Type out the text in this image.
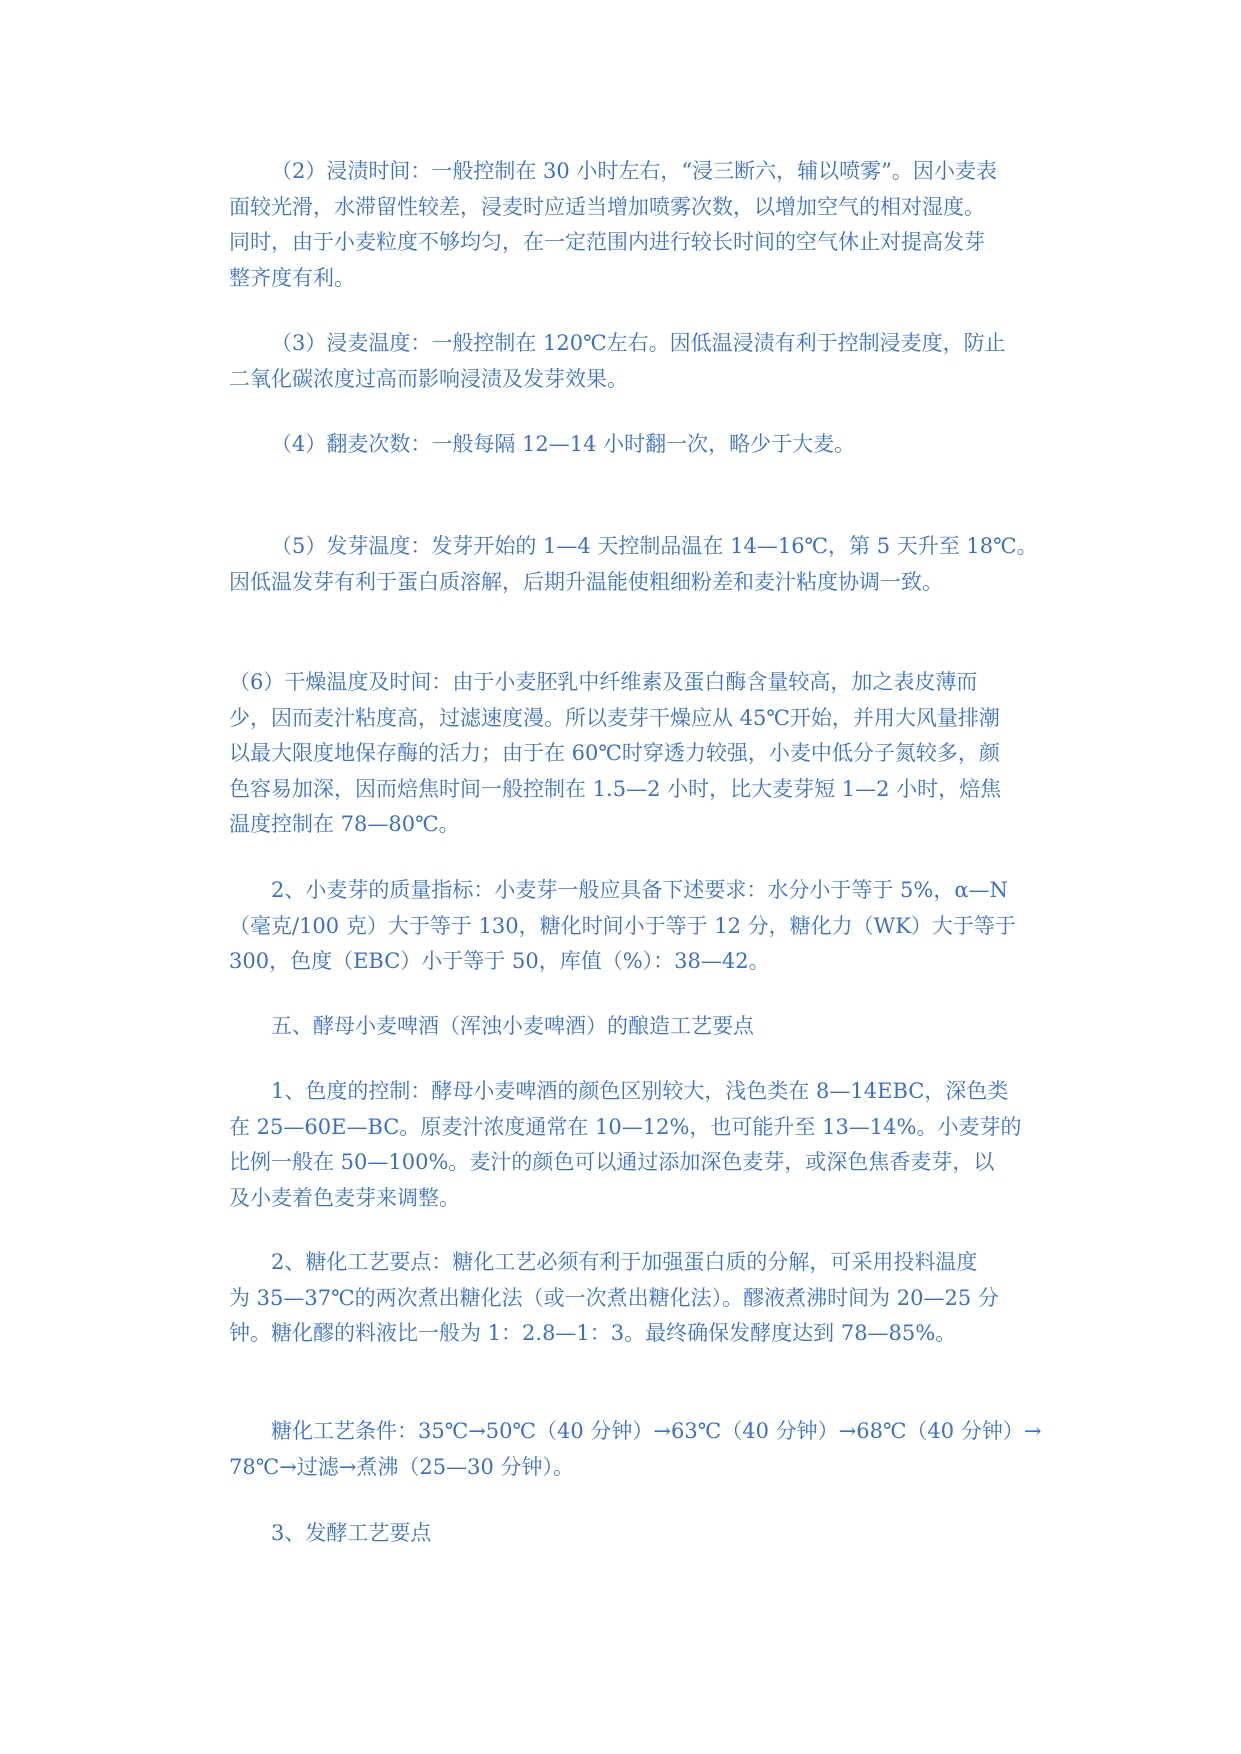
（2）浸渍时间：一般控制在 30 小时左右，“浸三断六，辅以喷雾”。因小麦表
面较光滑，水滞留性较差，浸麦时应适当增加喷雾次数，以增加空气的相对湿度。
同时，由于小麦粒度不够均匀，在一定范围内进行较长时间的空气休止对提高发芽
整齐度有利。
（3）浸麦温度：一般控制在 120℃左右。因低温浸渍有利于控制浸麦度，防止
二氧化碳浓度过高而影响浸渍及发芽效果。
（4）翻麦次数：一般每隔 12—14 小时翻一次，略少于大麦。
（5）发芽温度：发芽开始的 1—4 天控制品温在 14—16℃，第 5 天升至 18℃。
因低温发芽有利于蛋白质溶解，后期升温能使粗细粉差和麦汁粘度协调一致。
（6）干燥温度及时间：由于小麦胚乳中纤维素及蛋白酶含量较高，加之表皮薄而
少，因而麦汁粘度高，过滤速度漫。所以麦芽干燥应从 45℃开始，并用大风量排潮
以最大限度地保存酶的活力；由于在 60℃时穿透力较强，小麦中低分子氮较多，颜
色容易加深，因而焙焦时间一般控制在 1.5—2 小时，比大麦芽短 1—2 小时，焙焦
温度控制在 78—80℃。
2、小麦芽的质量指标：小麦芽一般应具备下述要求：水分小于等于 5%，α—N
（毫克/100 克）大于等于 130，糖化时间小于等于 12 分，糖化力（WK）大于等于
300，色度（EBC）小于等于 50，库值（%）：38—42。
五、酵母小麦啤酒（浑浊小麦啤酒）的酿造工艺要点
1、色度的控制：酵母小麦啤酒的颜色区别较大，浅色类在 8—14EBC，深色类
在 25—60E—BC。原麦汁浓度通常在 10—12%，也可能升至 13—14%。小麦芽的
比例一般在 50—100%。麦汁的颜色可以通过添加深色麦芽，或深色焦香麦芽，以
及小麦着色麦芽来调整。
2、糖化工艺要点：糖化工艺必须有利于加强蛋白质的分解，可采用投料温度
为 35—37℃的两次煮出糖化法（或一次煮出糖化法）。醪液煮沸时间为 20—25 分
钟。糖化醪的料液比一般为 1：2.8—1：3。最终确保发酵度达到 78—85%。
糖化工艺条件：35℃→50℃（40 分钟）→63℃（40 分钟）→68℃（40 分钟）→
78℃→过滤→煮沸（25—30 分钟）。
3、发酵工艺要点
